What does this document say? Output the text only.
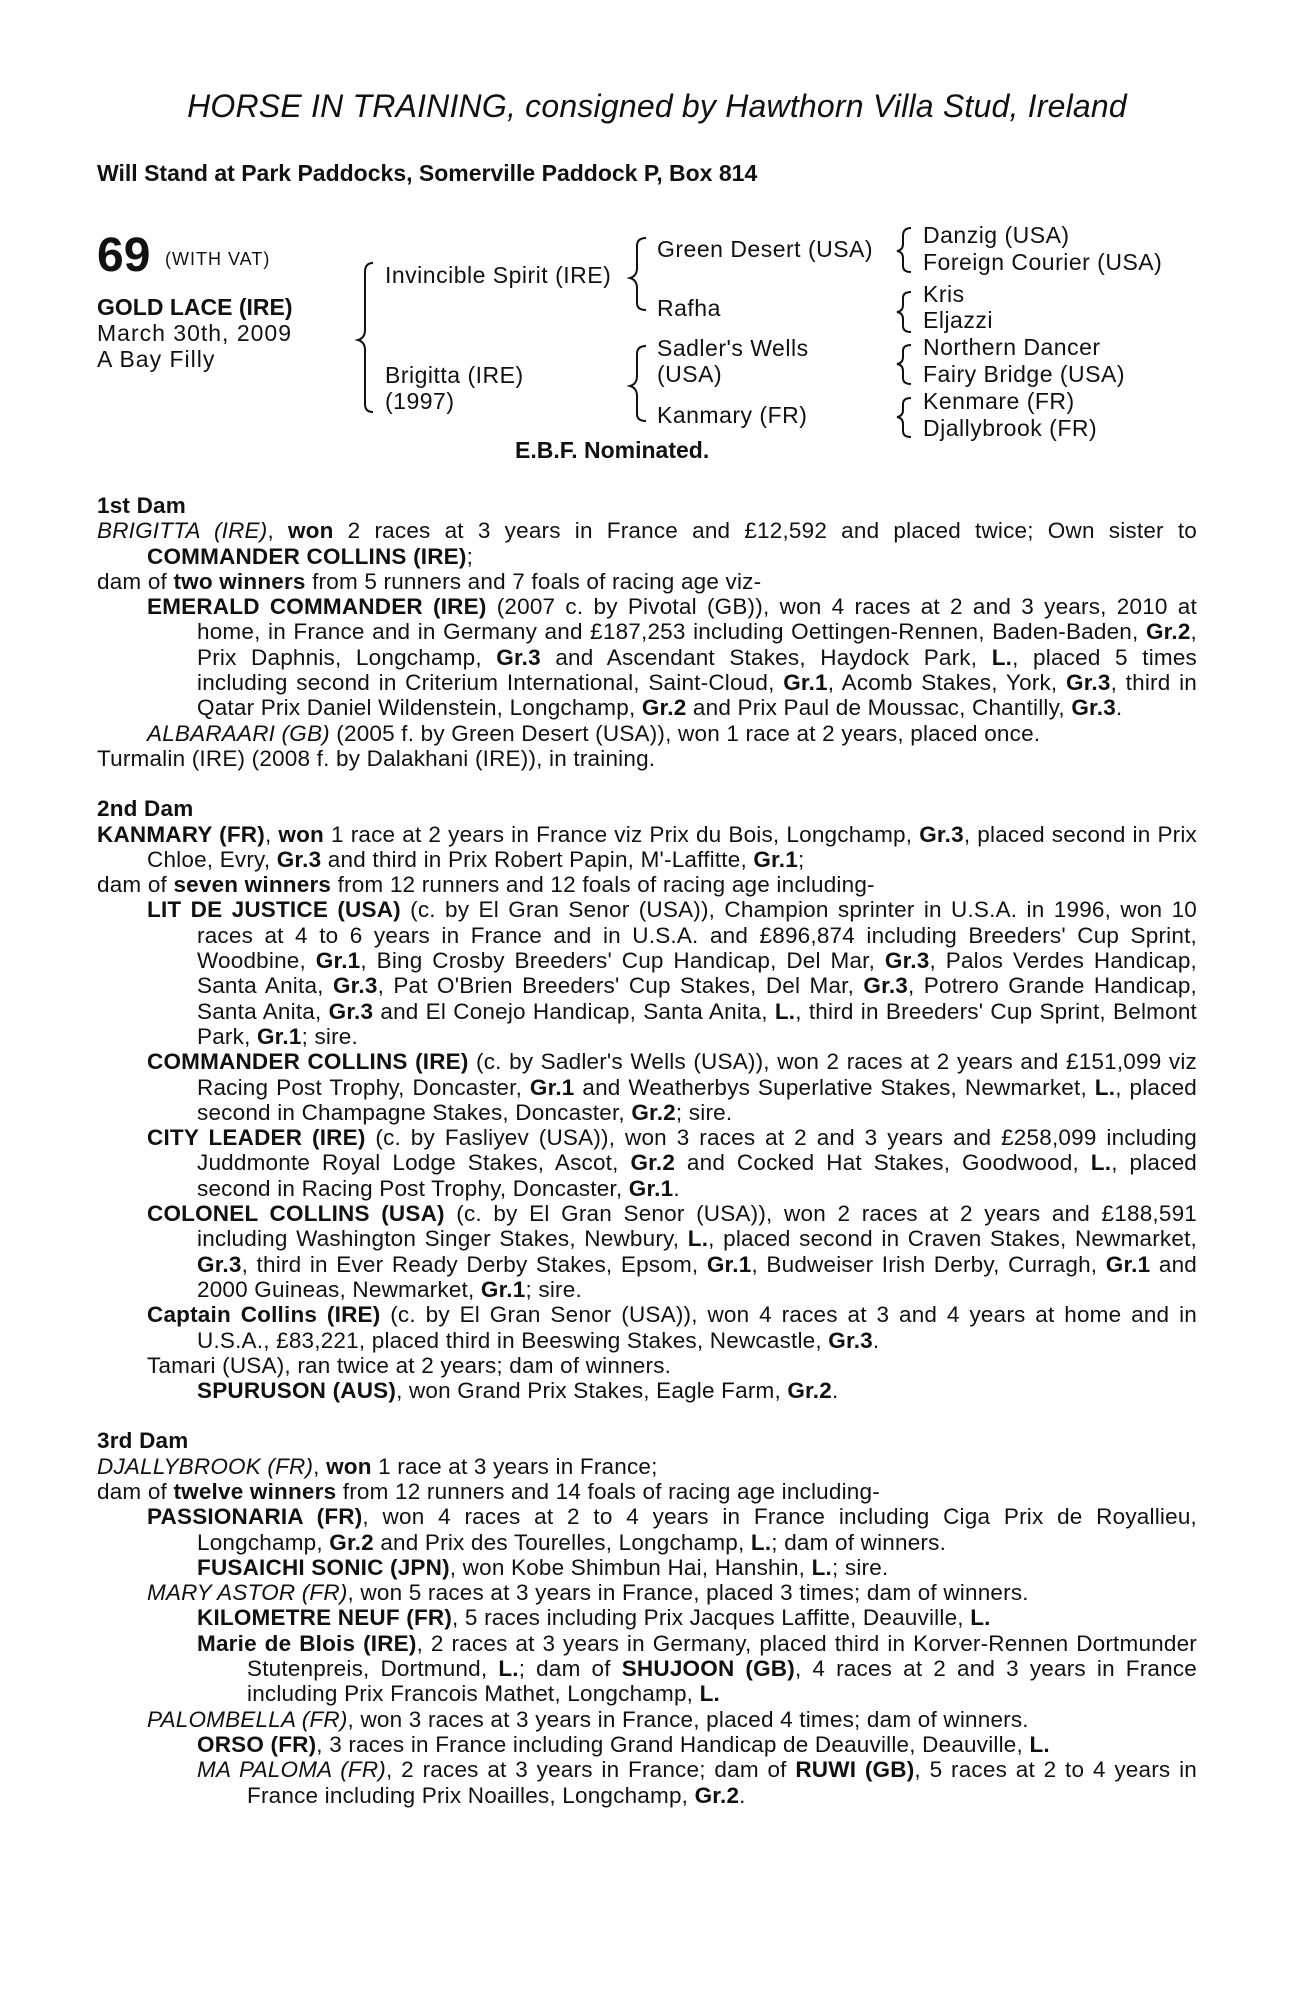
HORSE IN TRAINING, consigned by Hawthorn Villa Stud, Ireland
Will Stand at Park Paddocks, Somerville Paddock P, Box 814
69 (WITH VAT)
GOLD LACE (IRE)
March 30th, 2009
A Bay Filly
Invincible Spirit (IRE)
Brigitta (IRE)
(1997)
Green Desert (USA)
Rafha
Sadler's Wells
(USA)
Kanmary (FR)
Danzig (USA)
Foreign Courier (USA)
Kris
Eljazzi
Northern Dancer
Fairy Bridge (USA)
Kenmare (FR)
Djallybrook (FR)
E.B.F. Nominated.
1st Dam

BRIGITTA (IRE), won 2 races at 3 years in France and £12,592 and placed twice; Own sister to COMMANDER COLLINS (IRE);

dam of two winners from 5 runners and 7 foals of racing age viz-

EMERALD COMMANDER (IRE) (2007 c. by Pivotal (GB)), won 4 races at 2 and 3 years, 2010 at home, in France and in Germany and £187,253 including Oettingen-Rennen, Baden-Baden, Gr.2, Prix Daphnis, Longchamp, Gr.3 and Ascendant Stakes, Haydock Park, L., placed 5 times including second in Criterium International, Saint-Cloud, Gr.1, Acomb Stakes, York, Gr.3, third in Qatar Prix Daniel Wildenstein, Longchamp, Gr.2 and Prix Paul de Moussac, Chantilly, Gr.3.

ALBARAARI (GB) (2005 f. by Green Desert (USA)), won 1 race at 2 years, placed once.

Turmalin (IRE) (2008 f. by Dalakhani (IRE)), in training.

2nd Dam

KANMARY (FR), won 1 race at 2 years in France viz Prix du Bois, Longchamp, Gr.3, placed second in Prix Chloe, Evry, Gr.3 and third in Prix Robert Papin, M'-Laffitte, Gr.1;

dam of seven winners from 12 runners and 12 foals of racing age including-

LIT DE JUSTICE (USA) (c. by El Gran Senor (USA)), Champion sprinter in U.S.A. in 1996, won 10 races at 4 to 6 years in France and in U.S.A. and £896,874 including Breeders' Cup Sprint, Woodbine, Gr.1, Bing Crosby Breeders' Cup Handicap, Del Mar, Gr.3, Palos Verdes Handicap, Santa Anita, Gr.3, Pat O'Brien Breeders' Cup Stakes, Del Mar, Gr.3, Potrero Grande Handicap, Santa Anita, Gr.3 and El Conejo Handicap, Santa Anita, L., third in Breeders' Cup Sprint, Belmont Park, Gr.1; sire.

COMMANDER COLLINS (IRE) (c. by Sadler's Wells (USA)), won 2 races at 2 years and £151,099 viz Racing Post Trophy, Doncaster, Gr.1 and Weatherbys Superlative Stakes, Newmarket, L., placed second in Champagne Stakes, Doncaster, Gr.2; sire.

CITY LEADER (IRE) (c. by Fasliyev (USA)), won 3 races at 2 and 3 years and £258,099 including Juddmonte Royal Lodge Stakes, Ascot, Gr.2 and Cocked Hat Stakes, Goodwood, L., placed second in Racing Post Trophy, Doncaster, Gr.1.

COLONEL COLLINS (USA) (c. by El Gran Senor (USA)), won 2 races at 2 years and £188,591 including Washington Singer Stakes, Newbury, L., placed second in Craven Stakes, Newmarket, Gr.3, third in Ever Ready Derby Stakes, Epsom, Gr.1, Budweiser Irish Derby, Curragh, Gr.1 and 2000 Guineas, Newmarket, Gr.1; sire.

Captain Collins (IRE) (c. by El Gran Senor (USA)), won 4 races at 3 and 4 years at home and in U.S.A., £83,221, placed third in Beeswing Stakes, Newcastle, Gr.3.

Tamari (USA), ran twice at 2 years; dam of winners.

SPURUSON (AUS), won Grand Prix Stakes, Eagle Farm, Gr.2.

3rd Dam

DJALLYBROOK (FR), won 1 race at 3 years in France;

dam of twelve winners from 12 runners and 14 foals of racing age including-

PASSIONARIA (FR), won 4 races at 2 to 4 years in France including Ciga Prix de Royallieu, Longchamp, Gr.2 and Prix des Tourelles, Longchamp, L.; dam of winners.

FUSAICHI SONIC (JPN), won Kobe Shimbun Hai, Hanshin, L.; sire.

MARY ASTOR (FR), won 5 races at 3 years in France, placed 3 times; dam of winners.

KILOMETRE NEUF (FR), 5 races including Prix Jacques Laffitte, Deauville, L.

Marie de Blois (IRE), 2 races at 3 years in Germany, placed third in Korver-Rennen Dortmunder Stutenpreis, Dortmund, L.; dam of SHUJOON (GB), 4 races at 2 and 3 years in France including Prix Francois Mathet, Longchamp, L.

PALOMBELLA (FR), won 3 races at 3 years in France, placed 4 times; dam of winners.

ORSO (FR), 3 races in France including Grand Handicap de Deauville, Deauville, L.

MA PALOMA (FR), 2 races at 3 years in France; dam of RUWI (GB), 5 races at 2 to 4 years in France including Prix Noailles, Longchamp, Gr.2.
